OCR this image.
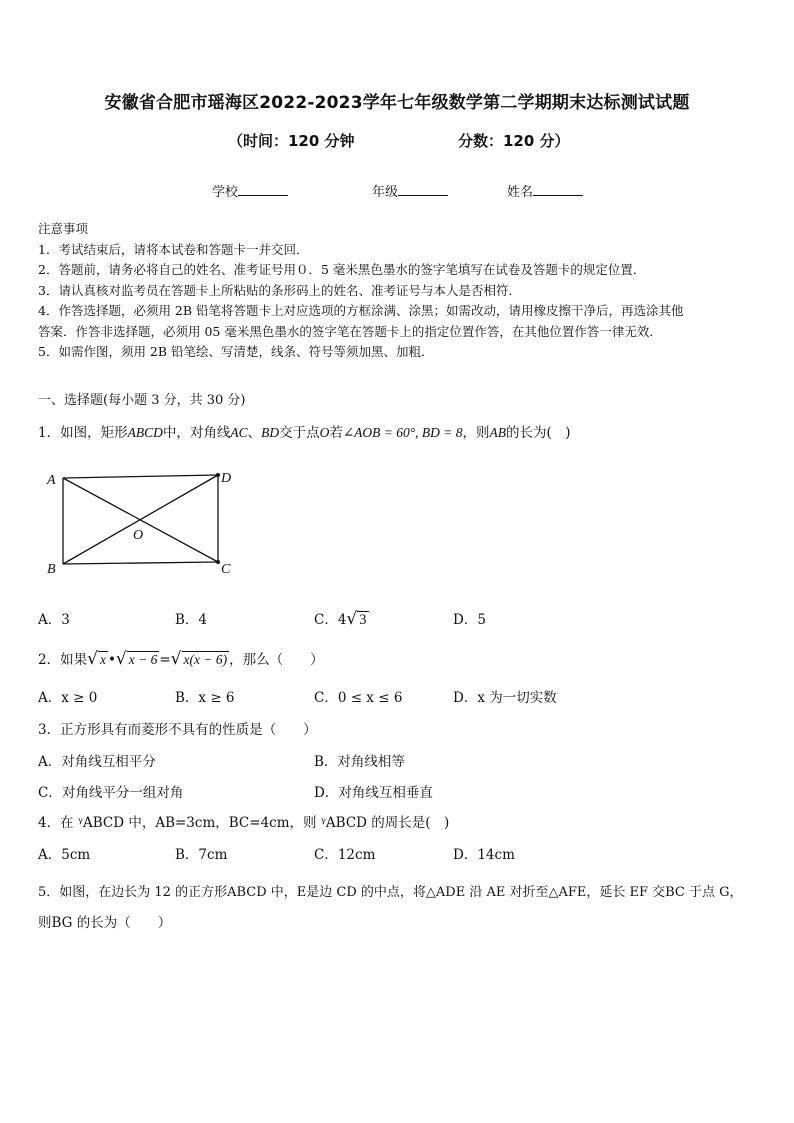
安徽省合肥市瑶海区2022-2023学年七年级数学第二学期期末达标测试试题
（时间：120 分钟	分数：120 分）
学校	年级	姓名
注意事项
1．考试结束后，请将本试卷和答题卡一并交回．
2．答题前，请务必将自己的姓名、准考证号用０．5 毫米黑色墨水的签字笔填写在试卷及答题卡的规定位置．
3．请认真核对监考员在答题卡上所粘贴的条形码上的姓名、准考证号与本人是否相符．
4．作答选择题，必须用 2B 铅笔将答题卡上对应选项的方框涂满、涂黑；如需改动，请用橡皮擦干净后，再选涂其他
答案．作答非选择题，必须用 05 毫米黑色墨水的签字笔在答题卡上的指定位置作答，在其他位置作答一律无效．
5．如需作图，须用 2B 铅笔绘、写清楚，线条、符号等须加黑、加粗．
一、选择题(每小题 3 分，共 30 分)
1．如图，矩形ABCD中，对角线AC、BD交于点O若∠AOB = 60°, BD = 8，则AB的长为(　)
A	D
B	C
O
A．3	B．4	C．4√ 3	D．5
2．如果√ x •√ x − 6 =√ x(x − 6) ，那么（　　）
A．x ≥ 0	B．x ≥ 6	C．0 ≤ x ≤ 6	D．x 为一切实数
3．正方形具有而菱形不具有的性质是（　　）
A．对角线互相平分	B．对角线相等
C．对角线平分一组对角	D．对角线互相垂直
4．在 ᵞABCD 中，AB=3cm，BC=4cm，则 ᵞABCD 的周长是(　)
A．5cm	B．7cm	C．12cm	D．14cm
5．如图，在边长为 12 的正方形ABCD 中，E是边 CD 的中点，将△ADE 沿 AE 对折至△AFE，延长 EF 交BC 于点 G，
则BG 的长为（　　）
